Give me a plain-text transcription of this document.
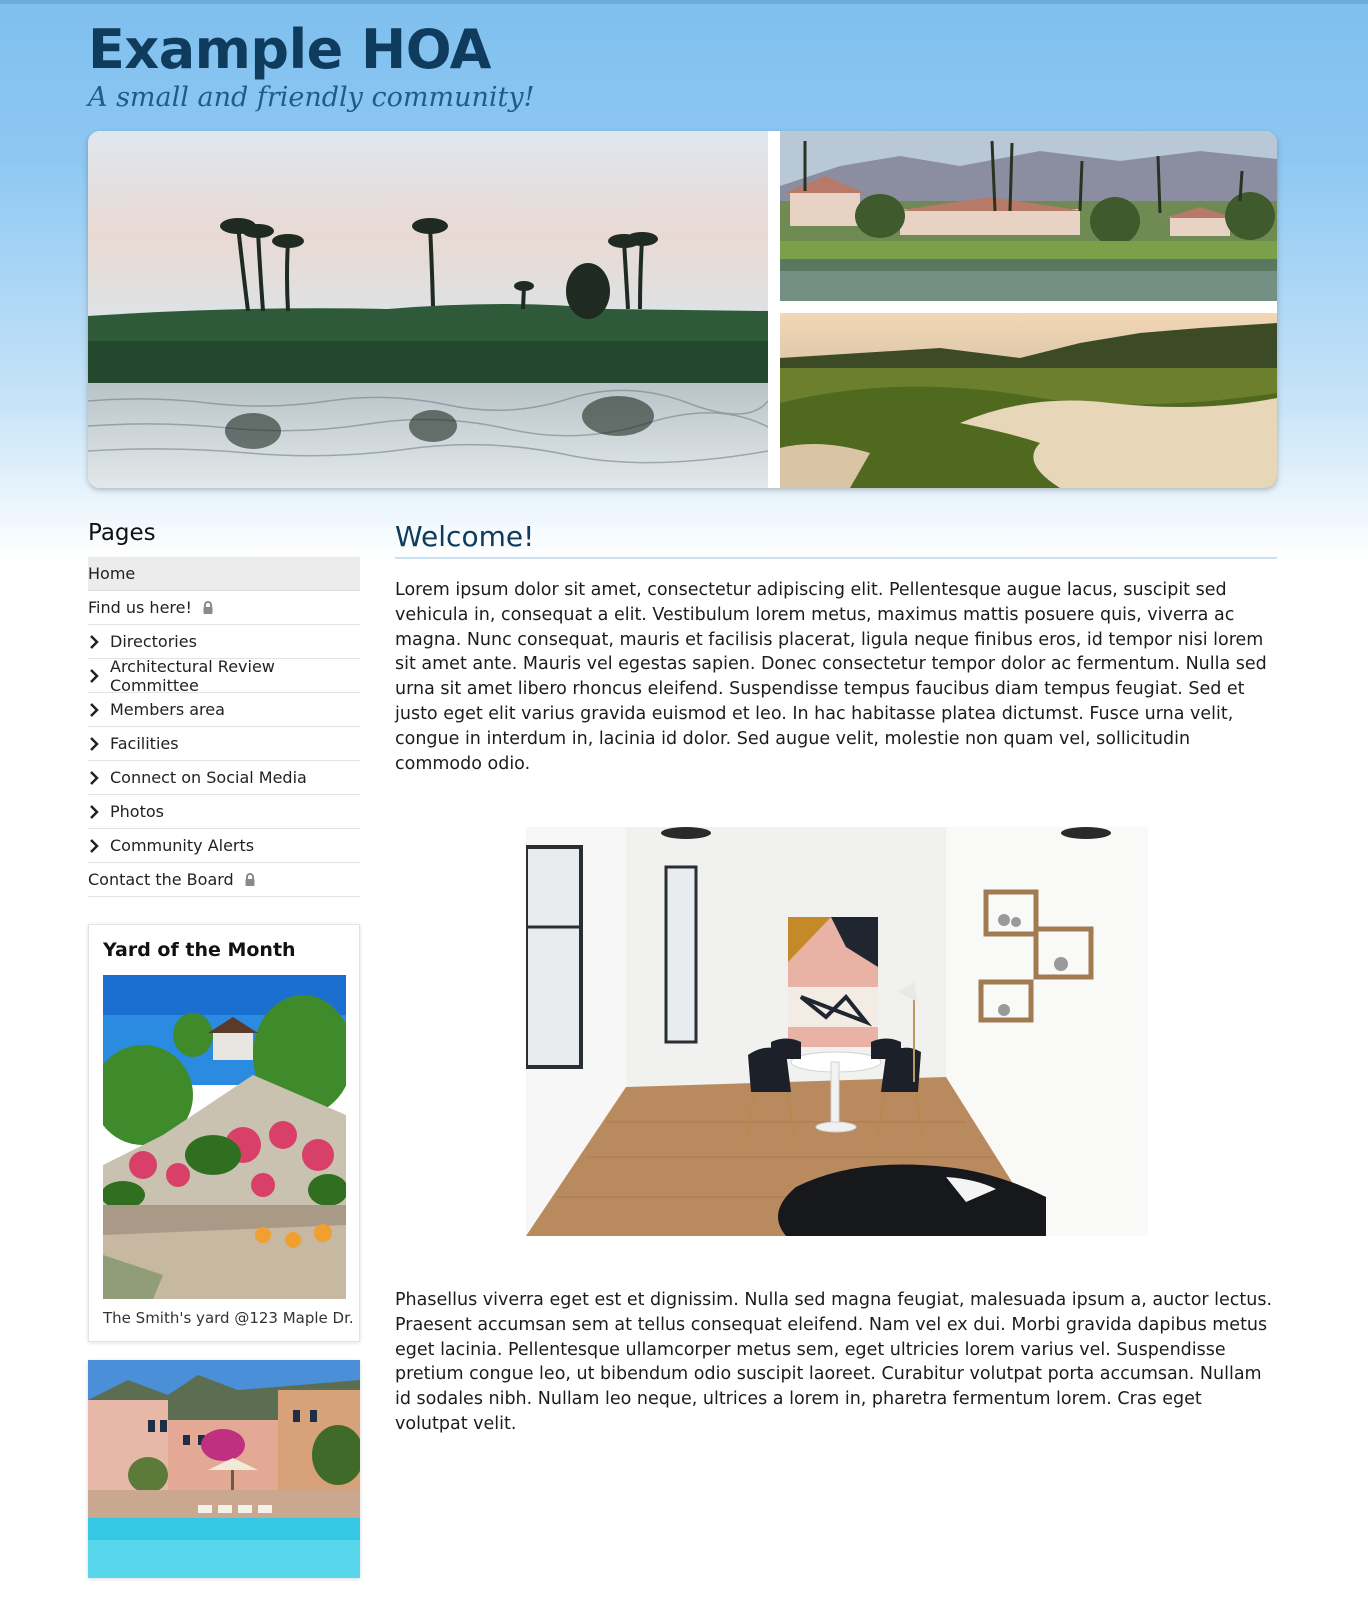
Example HOA
A small and friendly community!
Pages
Home
Find us here!
Directories
Architectural Review Committee
Members area
Facilities
Connect on Social Media
Photos
Community Alerts
Contact the Board
Yard of the Month
The Smith's yard @123 Maple Dr.
Welcome!

Lorem ipsum dolor sit amet, consectetur adipiscing elit. Pellentesque augue lacus, suscipit sed vehicula in, consequat a elit. Vestibulum lorem metus, maximus mattis posuere quis, viverra ac magna. Nunc consequat, mauris et facilisis placerat, ligula neque finibus eros, id tempor nisi lorem sit amet ante. Mauris vel egestas sapien. Donec consectetur tempor dolor ac fermentum. Nulla sed urna sit amet libero rhoncus eleifend. Suspendisse tempus faucibus diam tempus feugiat. Sed et justo eget elit varius gravida euismod et leo. In hac habitasse platea dictumst. Fusce urna velit, congue in interdum in, lacinia id dolor. Sed augue velit, molestie non quam vel, sollicitudin commodo odio.

Phasellus viverra eget est et dignissim. Nulla sed magna feugiat, malesuada ipsum a, auctor lectus. Praesent accumsan sem at tellus consequat eleifend. Nam vel ex dui. Morbi gravida dapibus metus eget lacinia. Pellentesque ullamcorper metus sem, eget ultricies lorem varius vel. Suspendisse pretium congue leo, ut bibendum odio suscipit laoreet. Curabitur volutpat porta accumsan. Nullam id sodales nibh. Nullam leo neque, ultrices a lorem in, pharetra fermentum lorem. Cras eget volutpat velit.
